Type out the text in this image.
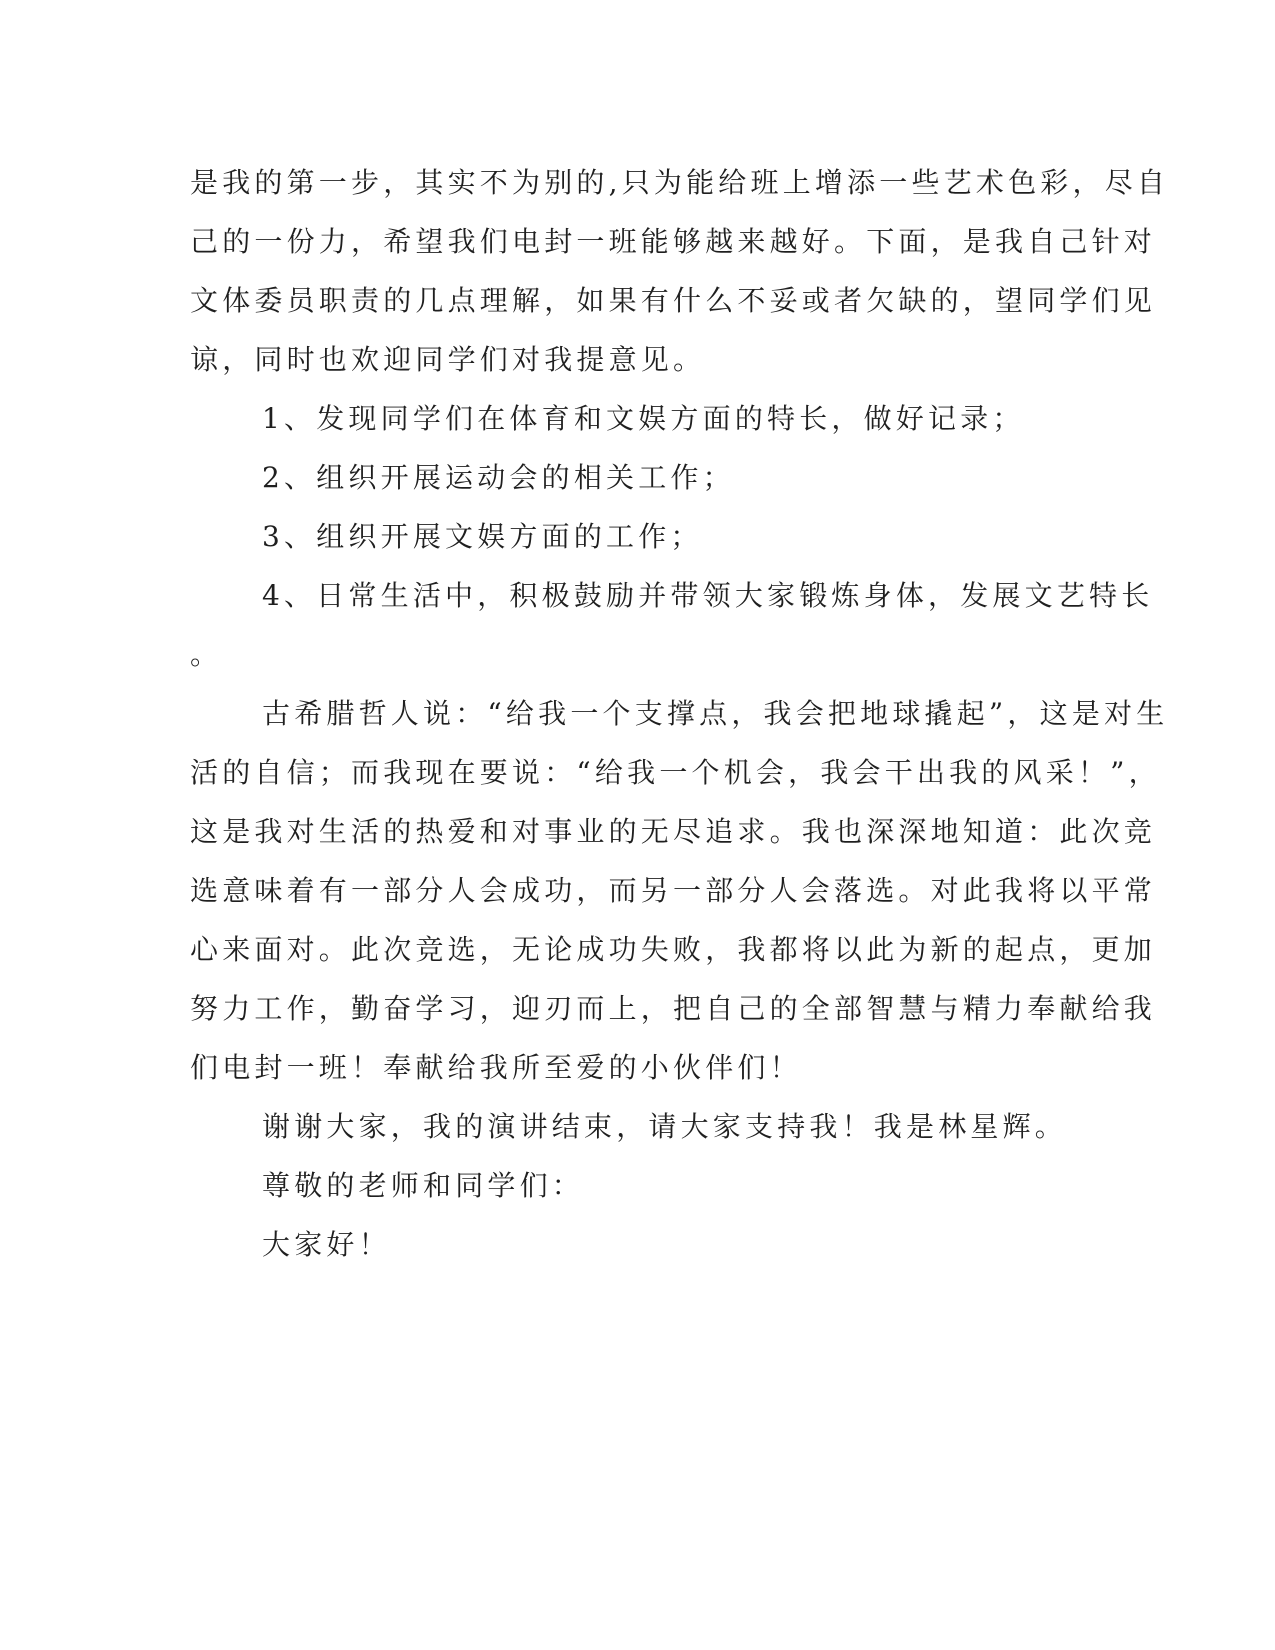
是我的第一步，其实不为别的,只为能给班上增添一些艺术色彩，尽自
己的一份力，希望我们电封一班能够越来越好。下面，是我自己针对
文体委员职责的几点理解，如果有什么不妥或者欠缺的，望同学们见
谅，同时也欢迎同学们对我提意见。
1、发现同学们在体育和文娱方面的特长，做好记录；
2、组织开展运动会的相关工作；
3、组织开展文娱方面的工作；
4、日常生活中，积极鼓励并带领大家锻炼身体，发展文艺特长
。
古希腊哲人说：“给我一个支撑点，我会把地球撬起”，这是对生
活的自信；而我现在要说：“给我一个机会，我会干出我的风采！”，
这是我对生活的热爱和对事业的无尽追求。我也深深地知道：此次竞
选意味着有一部分人会成功，而另一部分人会落选。对此我将以平常
心来面对。此次竞选，无论成功失败，我都将以此为新的起点，更加
努力工作，勤奋学习，迎刃而上，把自己的全部智慧与精力奉献给我
们电封一班！奉献给我所至爱的小伙伴们！
谢谢大家，我的演讲结束，请大家支持我！我是林星辉。
尊敬的老师和同学们：
大家好！
